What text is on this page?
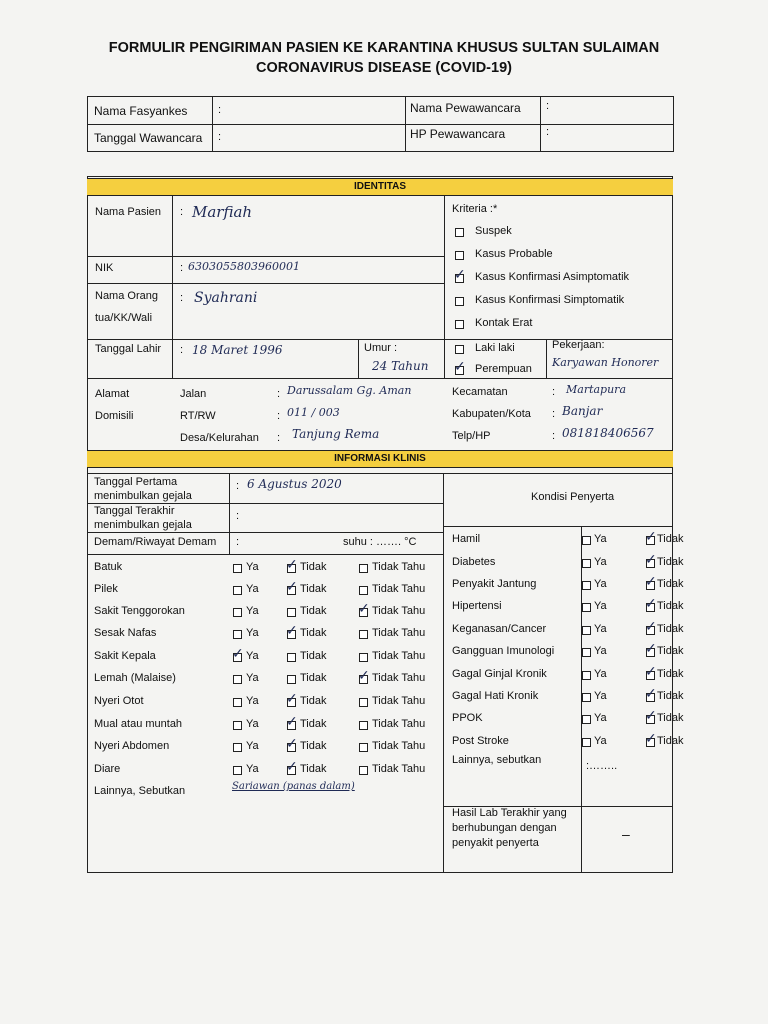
FORMULIR PENGIRIMAN PASIEN KE KARANTINA KHUSUS SULTAN SULAIMAN
CORONAVIRUS DISEASE (COVID-19)
Nama Fasyankes	:
Tanggal Wawancara :
Nama Pewawancara :
HP Pewawancara	:
IDENTITAS
Nama Pasien : Marfiah
NIK	: 6303055803960001
Nama Orang
tua/KK/Wali
: Syahrani
Tanggal Lahir : 18 Maret 1996	Umur :
24 Tahun
Kriteria :*
Suspek
Kasus Probable
✓ Kasus Konfirmasi Asimptomatik
Kasus Konfirmasi Simptomatik
Kontak Erat
Laki laki
✓ Perempuan
Pekerjaan:
Karyawan Honorer
Alamat
Domisili
Jalan	: Darussalam Gg. Aman
RT/RW	: 011 / 003
Desa/Kelurahan : Tanjung Rema
Kecamatan	: Martapura
Kabupaten/Kota : Banjar
Telp/HP	: 081818406567
INFORMASI KLINIS
Tanggal Pertama
menimbulkan gejala
: 6 Agustus 2020
Tanggal Terakhir
menimbulkan gejala
:
Demam/Riwayat Demam :	suhu : ……. °C
Kondisi Penyerta
Batuk	Ya ✓ Tidak	Tidak Tahu
Pilek	Ya ✓ Tidak	Tidak Tahu
Sakit Tenggorokan	Ya	Tidak ✓ Tidak Tahu
Sesak Nafas	Ya ✓ Tidak	Tidak Tahu
Sakit Kepala	✓ Ya	Tidak	Tidak Tahu
Lemah (Malaise)	Ya	Tidak ✓ Tidak Tahu
Nyeri Otot	Ya ✓ Tidak	Tidak Tahu
Mual atau muntah	Ya ✓ Tidak	Tidak Tahu
Nyeri Abdomen	Ya ✓ Tidak	Tidak Tahu
Diare	Ya ✓ Tidak	Tidak Tahu
Hamil	Ya	✓ Tidak
Diabetes	Ya	✓ Tidak
Penyakit Jantung	Ya	✓ Tidak
Hipertensi	Ya	✓ Tidak
Keganasan/Cancer	Ya	✓ Tidak
Gangguan Imunologi	Ya	✓ Tidak
Gagal Ginjal Kronik	Ya	✓ Tidak
Gagal Hati Kronik	Ya	✓ Tidak
PPOK	Ya	✓ Tidak
Post Stroke	Ya	✓ Tidak
Lainnya, Sebutkan	Sariawan (panas dalam)
Lainnya, sebutkan	:……..
Hasil Lab Terakhir yang
berhubungan dengan
penyakit penyerta
–
